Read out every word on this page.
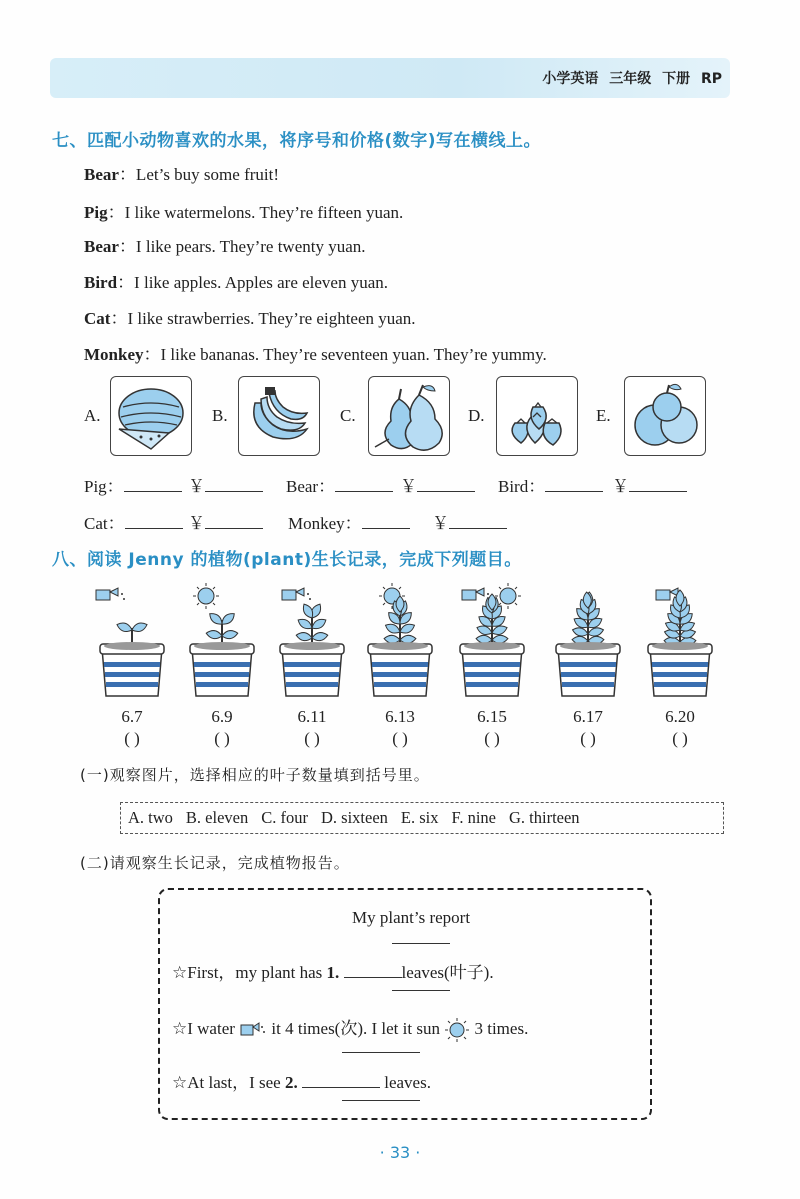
小学英语 三年级 下册 RP
七、匹配小动物喜欢的水果，将序号和价格(数字)写在横线上。
Bear：Let’s buy some fruit!
Pig：I like watermelons. They’re fifteen yuan.
Bear：I like pears. They’re twenty yuan.
Bird：I like apples. Apples are eleven yuan.
Cat：I like strawberries. They’re eighteen yuan.
Monkey：I like bananas. They’re seventeen yuan. They’re yummy.
A.	B.	C.	D.	E.
Pig：	￥	Bear：	￥	Bird：	￥
Cat：	￥	Monkey：	￥
八、阅读 Jenny 的植物(plant)生长记录，完成下列题目。
6.7	6.9	6.11	6.13	6.15	6.17	6.20
( )	( )	( )	( )	( )	( )	( )
(一)观察图片，选择相应的叶子数量填到括号里。
A. two B. eleven C. four D. sixteen E. six F. nine G. thirteen
(二)请观察生长记录，完成植物报告。
My plant’s report
☆First，my plant has 1.	leaves(叶子).
☆I water  it 4 times(次). I let it sun  3 times.
☆At last，I see 2.	leaves.
· 33 ·
